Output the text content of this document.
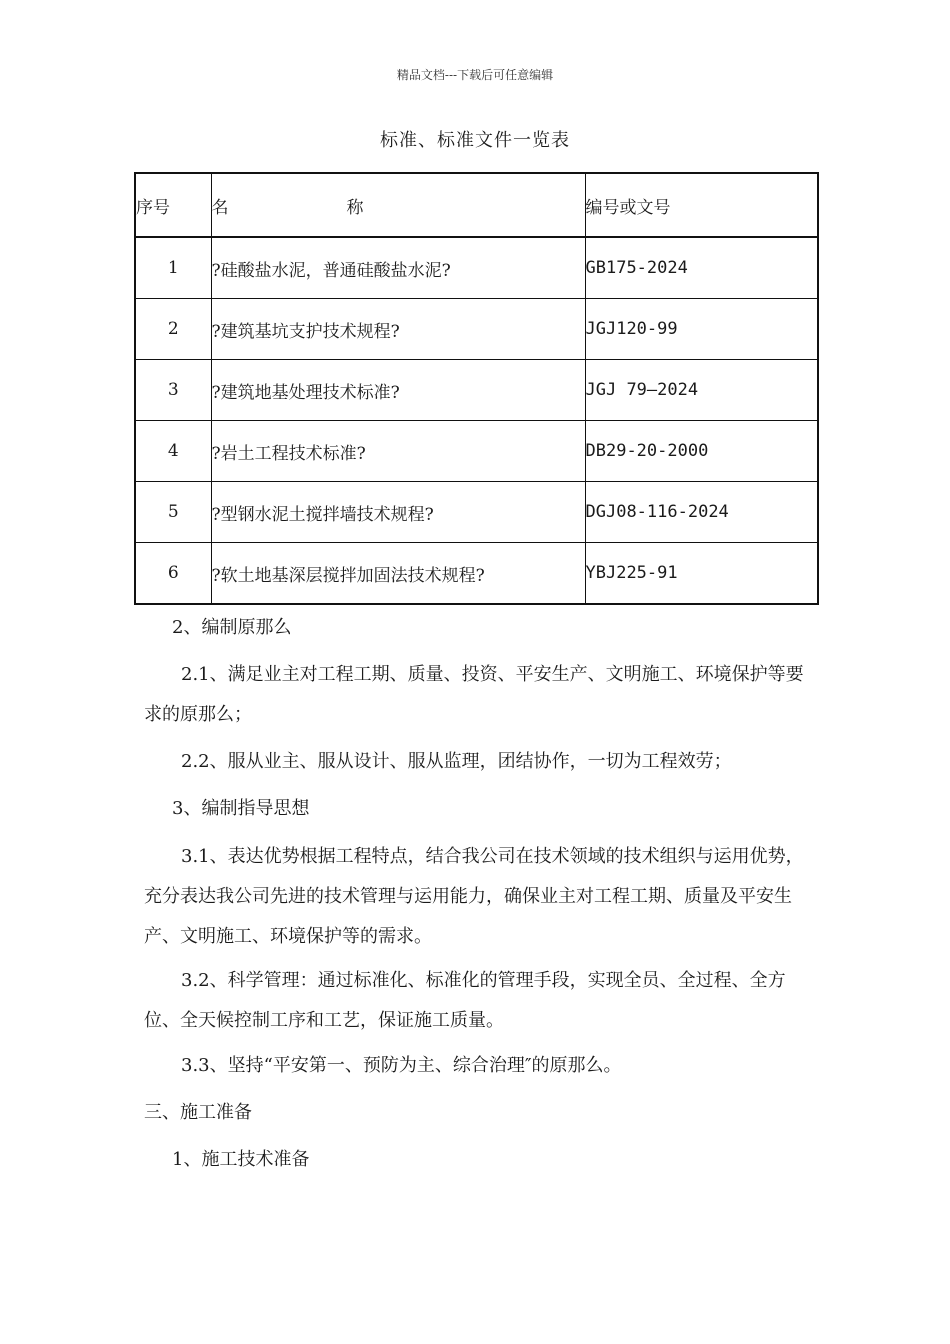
精品文档---下载后可任意编辑
标准、标准文件一览表
序号	名 称	编号或文号
1	?硅酸盐水泥，普通硅酸盐水泥?	GB175-2024
2	?建筑基坑支护技术规程?	JGJ120-99
3	?建筑地基处理技术标准?	JGJ 79—2024
4	?岩土工程技术标准?	DB29-20-2000
5	?型钢水泥土搅拌墙技术规程?	DGJ08-116-2024
6	?软土地基深层搅拌加固法技术规程?	YBJ225-91

2、编制原那么

2.1、满足业主对工程工期、质量、投资、平安生产、文明施工、环境保护等要求的原那么；

2.2、服从业主、服从设计、服从监理，团结协作，一切为工程效劳；

3、编制指导思想

3.1、表达优势根据工程特点，结合我公司在技术领域的技术组织与运用优势，充分表达我公司先进的技术管理与运用能力，确保业主对工程工期、质量及平安生产、文明施工、环境保护等的需求。

3.2、科学管理：通过标准化、标准化的管理手段，实现全员、全过程、全方位、全天候控制工序和工艺，保证施工质量。

3.3、坚持“平安第一、预防为主、综合治理″的原那么。

三、施工准备

1、施工技术准备
